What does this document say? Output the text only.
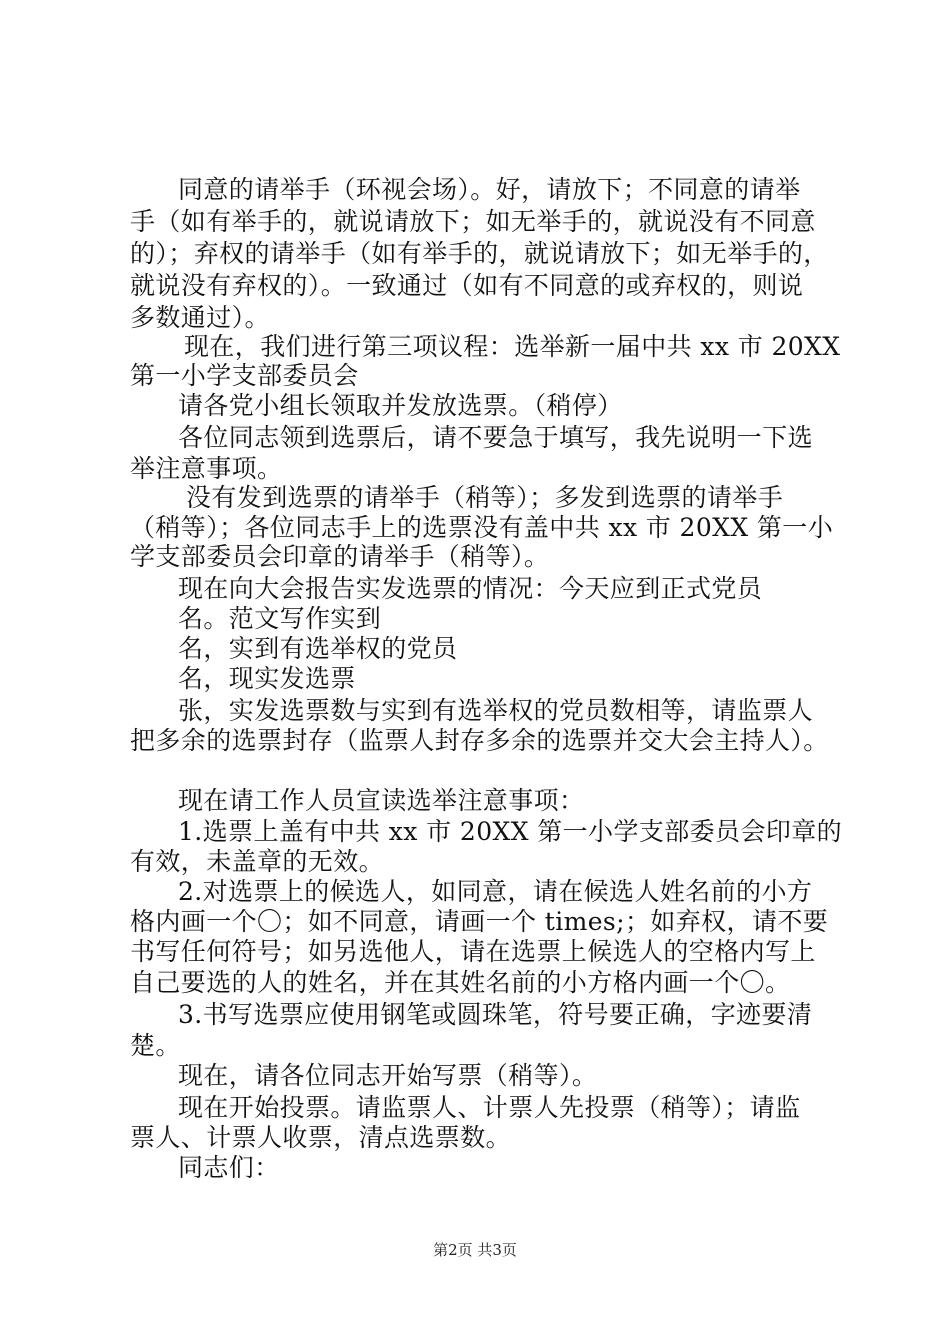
同意的请举手（环视会场）。好，请放下；不同意的请举

手（如有举手的，就说请放下；如无举手的，就说没有不同意

的）；弃权的请举手（如有举手的，就说请放下；如无举手的，

就说没有弃权的）。一致通过（如有不同意的或弃权的，则说

多数通过）。

现在，我们进行第三项议程：选举新一届中共 xx 市 20XX

第一小学支部委员会

请各党小组长领取并发放选票。（稍停）

各位同志领到选票后，请不要急于填写，我先说明一下选

举注意事项。

没有发到选票的请举手（稍等）；多发到选票的请举手

（稍等）；各位同志手上的选票没有盖中共 xx 市 20XX 第一小

学支部委员会印章的请举手（稍等）。

现在向大会报告实发选票的情况：今天应到正式党员

名。范文写作实到

名，实到有选举权的党员

名，现实发选票

张，实发选票数与实到有选举权的党员数相等，请监票人

把多余的选票封存（监票人封存多余的选票并交大会主持人）。

现在请工作人员宣读选举注意事项：

1.选票上盖有中共 xx 市 20XX 第一小学支部委员会印章的

有效，未盖章的无效。

2.对选票上的候选人，如同意，请在候选人姓名前的小方

格内画一个〇；如不同意，请画一个 times;；如弃权，请不要

书写任何符号；如另选他人，请在选票上候选人的空格内写上

自己要选的人的姓名，并在其姓名前的小方格内画一个〇。

3.书写选票应使用钢笔或圆珠笔，符号要正确，字迹要清

楚。

现在，请各位同志开始写票（稍等）。

现在开始投票。请监票人、计票人先投票（稍等）；请监

票人、计票人收票，清点选票数。

同志们：

第2页 共3页
